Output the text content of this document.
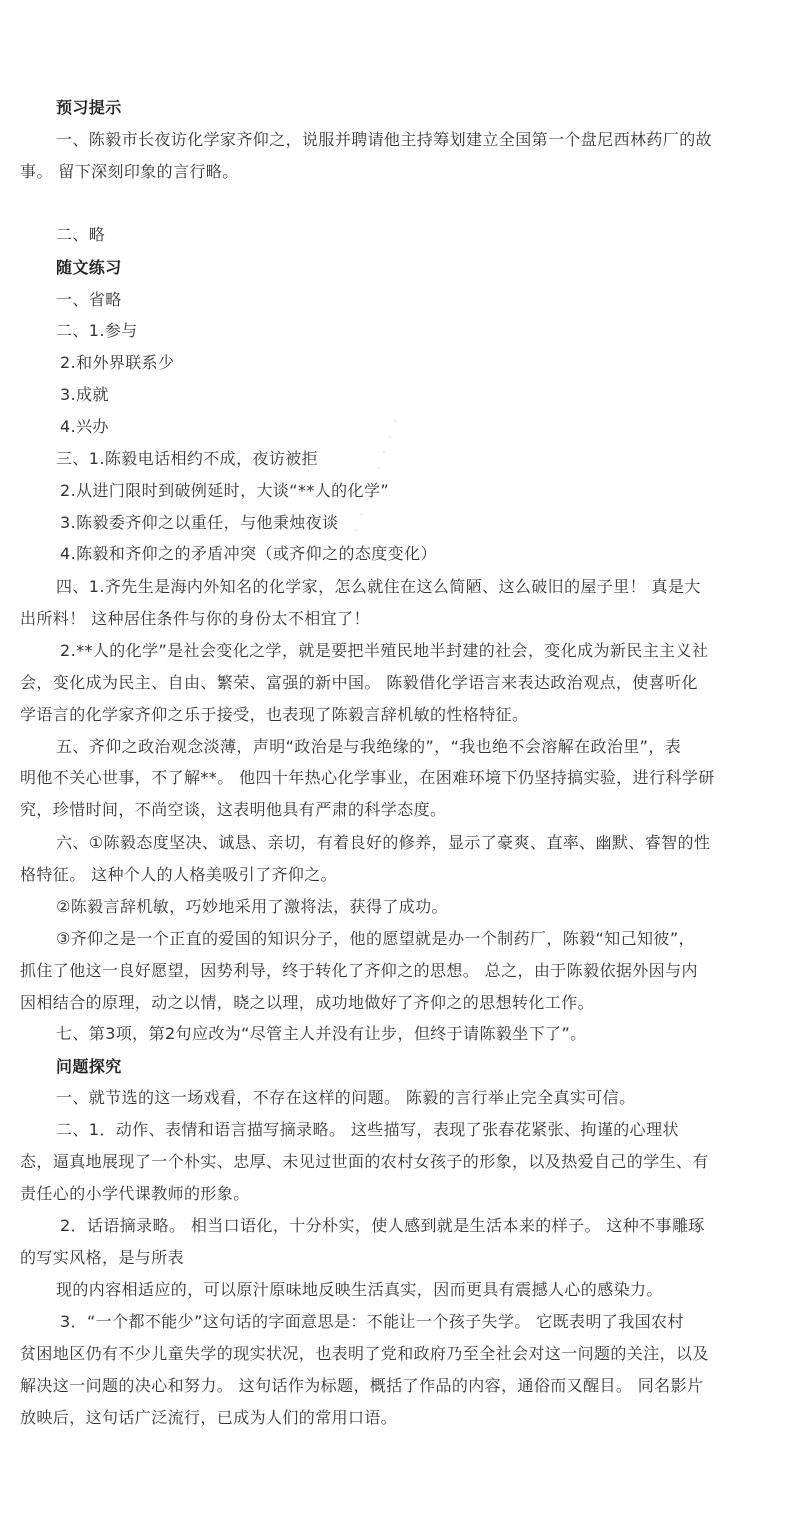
· · · · · · · · · ·
预习提示
一、陈毅市长夜访化学家齐仰之，说服并聘请他主持筹划建立全国第一个盘尼西林药厂的故
事。 留下深刻印象的言行略。
二、略
随文练习
一、省略
二、1.参与
2.和外界联系少
3.成就
4.兴办
三、1.陈毅电话相约不成，夜访被拒
2.从进门限时到破例延时，大谈“**人的化学”
3.陈毅委齐仰之以重任，与他秉烛夜谈
4.陈毅和齐仰之的矛盾冲突（或齐仰之的态度变化）
四、1.齐先生是海内外知名的化学家，怎么就住在这么简陋、这么破旧的屋子里！ 真是大
出所料！ 这种居住条件与你的身份太不相宜了！
2.**人的化学”是社会变化之学，就是要把半殖民地半封建的社会，变化成为新民主主义社
会，变化成为民主、自由、繁荣、富强的新中国。 陈毅借化学语言来表达政治观点，使喜听化
学语言的化学家齐仰之乐于接受，也表现了陈毅言辞机敏的性格特征。
五、齐仰之政治观念淡薄，声明“政治是与我绝缘的”，“我也绝不会溶解在政治里”，表
明他不关心世事，不了解**。 他四十年热心化学事业，在困难环境下仍坚持搞实验，进行科学研
究，珍惜时间，不尚空谈，这表明他具有严肃的科学态度。
六、①陈毅态度坚决、诚恳、亲切，有着良好的修养，显示了豪爽、直率、幽默、睿智的性
格特征。 这种个人的人格美吸引了齐仰之。
②陈毅言辞机敏，巧妙地采用了激将法，获得了成功。
③齐仰之是一个正直的爱国的知识分子，他的愿望就是办一个制药厂，陈毅“知己知彼”，
抓住了他这一良好愿望，因势利导，终于转化了齐仰之的思想。 总之，由于陈毅依据外因与内
因相结合的原理，动之以情，晓之以理，成功地做好了齐仰之的思想转化工作。
七、第3项，第2句应改为“尽管主人并没有让步，但终于请陈毅坐下了”。
问题探究
一、就节选的这一场戏看，不存在这样的问题。 陈毅的言行举止完全真实可信。
二、1．动作、表情和语言描写摘录略。 这些描写，表现了张春花紧张、拘谨的心理状
态，逼真地展现了一个朴实、忠厚、未见过世面的农村女孩子的形象，以及热爱自己的学生、有
责任心的小学代课教师的形象。
2．话语摘录略。 相当口语化，十分朴实，使人感到就是生活本来的样子。 这种不事雕琢
的写实风格，是与所表
现的内容相适应的，可以原汁原味地反映生活真实，因而更具有震撼人心的感染力。
3．“一个都不能少”这句话的字面意思是：不能让一个孩子失学。 它既表明了我国农村
贫困地区仍有不少儿童失学的现实状况，也表明了党和政府乃至全社会对这一问题的关注，以及
解决这一问题的决心和努力。 这句话作为标题，概括了作品的内容，通俗而又醒目。 同名影片
放映后，这句话广泛流行，已成为人们的常用口语。
